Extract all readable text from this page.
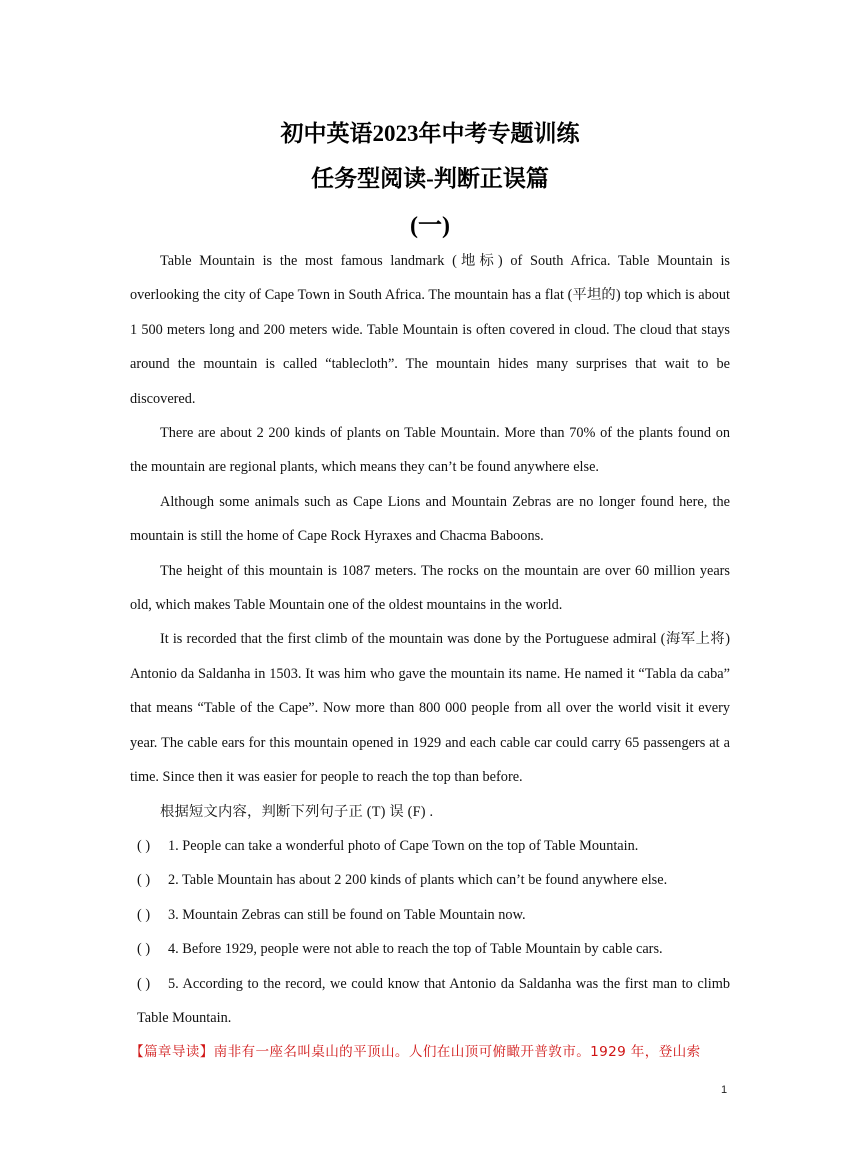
初中英语2023年中考专题训练
任务型阅读-判断正误篇
(一)

Table Mountain is the most famous landmark (地标) of South Africa. Table Mountain is overlooking the city of Cape Town in South Africa. The mountain has a flat (平坦的) top which is about 1 500 meters long and 200 meters wide. Table Mountain is often covered in cloud. The cloud that stays around the mountain is called “tablecloth”. The mountain hides many surprises that wait to be discovered.

There are about 2 200 kinds of plants on Table Mountain. More than 70% of the plants found on the mountain are regional plants, which means they can’t be found anywhere else.

Although some animals such as Cape Lions and Mountain Zebras are no longer found here, the mountain is still the home of Cape Rock Hyraxes and Chacma Baboons.

The height of this mountain is 1087 meters. The rocks on the mountain are over 60 million years old, which makes Table Mountain one of the oldest mountains in the world.

It is recorded that the first climb of the mountain was done by the Portuguese admiral (海军上将) Antonio da Saldanha in 1503. It was him who gave the mountain its name. He named it “Tabla da caba” that means “Table of the Cape”. Now more than 800 000 people from all over the world visit it every year. The cable ears for this mountain opened in 1929 and each cable car could carry 65 passengers at a time. Since then it was easier for people to reach the top than before.

根据短文内容，判断下列句子正 (T) 误 (F) .

( ) 1. People can take a wonderful photo of Cape Town on the top of Table Mountain.

( ) 2. Table Mountain has about 2 200 kinds of plants which can’t be found anywhere else.

( ) 3. Mountain Zebras can still be found on Table Mountain now.

( ) 4. Before 1929, people were not able to reach the top of Table Mountain by cable cars.

( ) 5. According to the record, we could know that Antonio da Saldanha was the first man to climb Table Mountain.

【篇章导读】南非有一座名叫桌山的平顶山。人们在山顶可俯瞰开普敦市。1929 年，登山索

1
